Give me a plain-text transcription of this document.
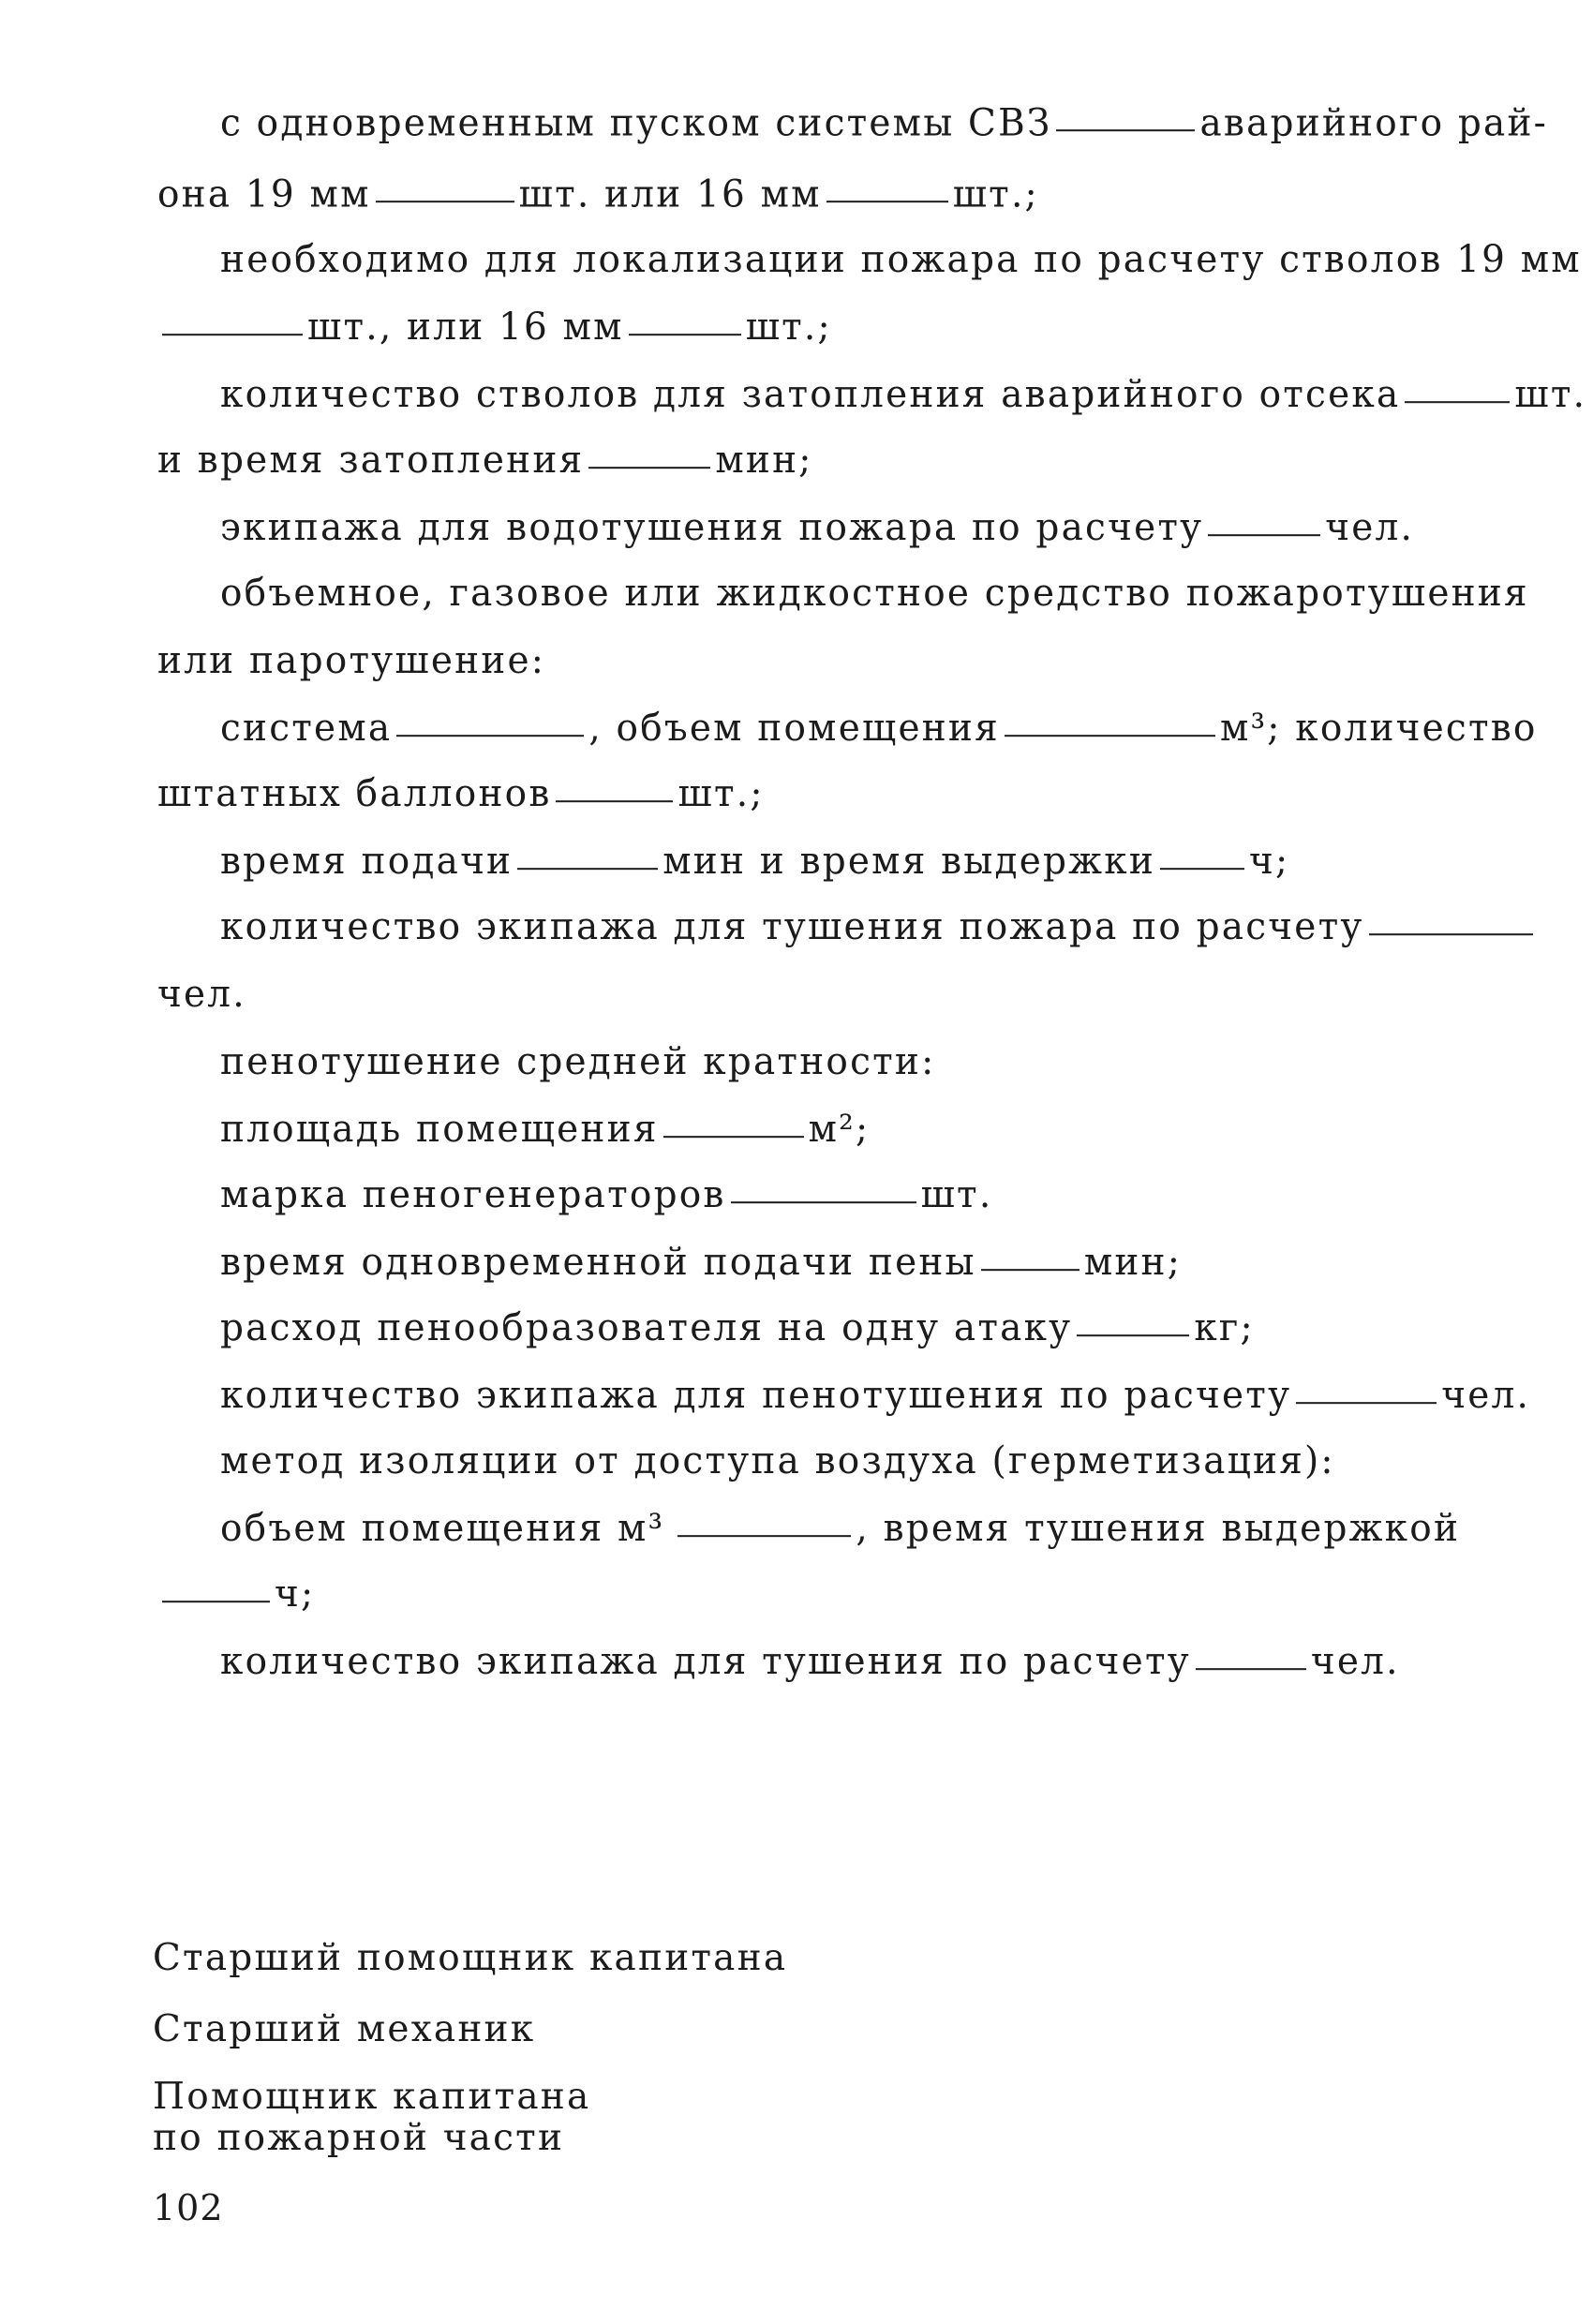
с одновременным пуском системы СВЗ	аварийного рай-
она 19 мм	шт. или 16 мм	шт.;
необходимо для локализации пожара по расчету стволов 19 мм
шт., или 16 мм	шт.;
количество стволов для затопления аварийного отсека	шт.
и время затопления	мин;
экипажа для водотушения пожара по расчету	чел.
объемное, газовое или жидкостное средство пожаротушения
или паротушение:
система	, объем помещения	м³; количество
штатных баллонов	шт.;
время подачи	мин и время выдержки	ч;
количество экипажа для тушения пожара по расчету
чел.
пенотушение средней кратности:
площадь помещения	м²;
марка пеногенераторов	шт.
время одновременной подачи пены	мин;
расход пенообразователя на одну атаку	кг;
количество экипажа для пенотушения по расчету	чел.
метод изоляции от доступа воздуха (герметизация):
объем помещения м³	, время тушения выдержкой
ч;
количество экипажа для тушения по расчету	чел.
Старший помощник капитана
Старший механик
Помощник капитана
по пожарной части
102
